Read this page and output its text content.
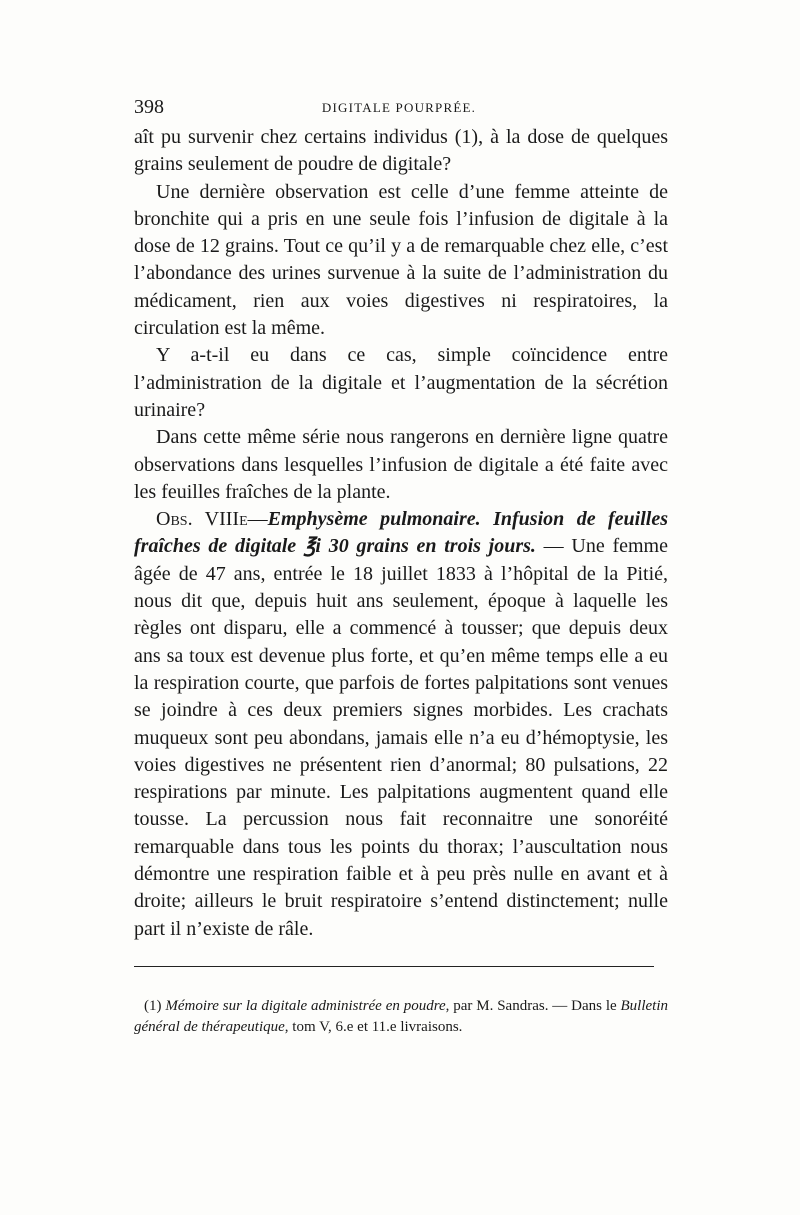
398	DIGITALE POURPRÉE.

aît pu survenir chez certains individus (1), à la dose de quelques grains seulement de poudre de digitale?

Une dernière observation est celle d’une femme atteinte de bronchite qui a pris en une seule fois l’infusion de digitale à la dose de 12 grains. Tout ce qu’il y a de remarquable chez elle, c’est l’abondance des urines survenue à la suite de l’administration du médicament, rien aux voies digestives ni respiratoires, la circulation est la même.

Y a-t-il eu dans ce cas, simple coïncidence entre l’administration de la digitale et l’augmentation de la sécrétion urinaire?

Dans cette même série nous rangerons en dernière ligne quatre observations dans lesquelles l’infusion de digitale a été faite avec les feuilles fraîches de la plante.

Obs. VIIIe—Emphysème pulmonaire. Infusion de feuilles fraîches de digitale ℥i 30 grains en trois jours. — Une femme âgée de 47 ans, entrée le 18 juillet 1833 à l’hôpital de la Pitié, nous dit que, depuis huit ans seulement, époque à laquelle les règles ont disparu, elle a commencé à tousser; que depuis deux ans sa toux est devenue plus forte, et qu’en même temps elle a eu la respiration courte, que parfois de fortes palpitations sont venues se joindre à ces deux premiers signes morbides. Les crachats muqueux sont peu abondans, jamais elle n’a eu d’hémoptysie, les voies digestives ne présentent rien d’anormal; 80 pulsations, 22 respirations par minute. Les palpitations augmentent quand elle tousse. La percussion nous fait reconnaitre une sonoréité remarquable dans tous les points du thorax; l’auscultation nous démontre une respiration faible et à peu près nulle en avant et à droite; ailleurs le bruit respiratoire s’entend distinctement; nulle part il n’existe de râle.

(1) Mémoire sur la digitale administrée en poudre, par M. Sandras. — Dans le Bulletin général de thérapeutique, tom V, 6.e et 11.e livraisons.
